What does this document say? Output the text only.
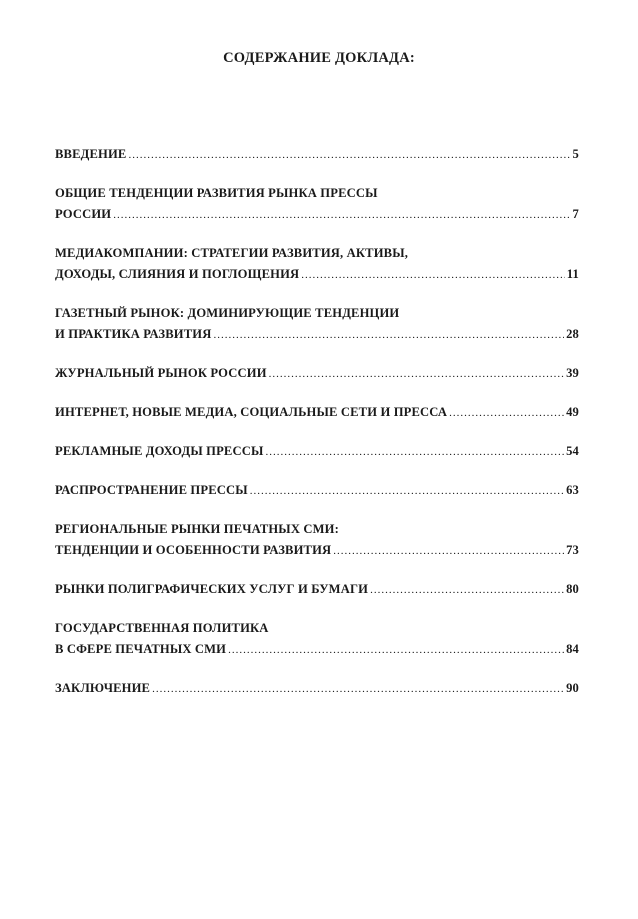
СОДЕРЖАНИЕ ДОКЛАДА:
ВВЕДЕНИЕ .....	5
ОБЩИЕ ТЕНДЕНЦИИ РАЗВИТИЯ РЫНКА ПРЕССЫ
РОССИИ .....	7
МЕДИАКОМПАНИИ: СТРАТЕГИИ РАЗВИТИЯ, АКТИВЫ,
ДОХОДЫ, СЛИЯНИЯ И ПОГЛОЩЕНИЯ .....	11
ГАЗЕТНЫЙ РЫНОК: ДОМИНИРУЮЩИЕ ТЕНДЕНЦИИ
И ПРАКТИКА РАЗВИТИЯ .....	28
ЖУРНАЛЬНЫЙ РЫНОК РОССИИ .....	39
ИНТЕРНЕТ, НОВЫЕ МЕДИА, СОЦИАЛЬНЫЕ СЕТИ И ПРЕССА .....	49
РЕКЛАМНЫЕ ДОХОДЫ ПРЕССЫ .....	54
РАСПРОСТРАНЕНИЕ ПРЕССЫ .....	63
РЕГИОНАЛЬНЫЕ РЫНКИ ПЕЧАТНЫХ СМИ:
ТЕНДЕНЦИИ И ОСОБЕННОСТИ РАЗВИТИЯ .....	73
РЫНКИ ПОЛИГРАФИЧЕСКИХ УСЛУГ И БУМАГИ .....	80
ГОСУДАРСТВЕННАЯ ПОЛИТИКА
В СФЕРЕ ПЕЧАТНЫХ СМИ .....	84
ЗАКЛЮЧЕНИЕ .....	90
